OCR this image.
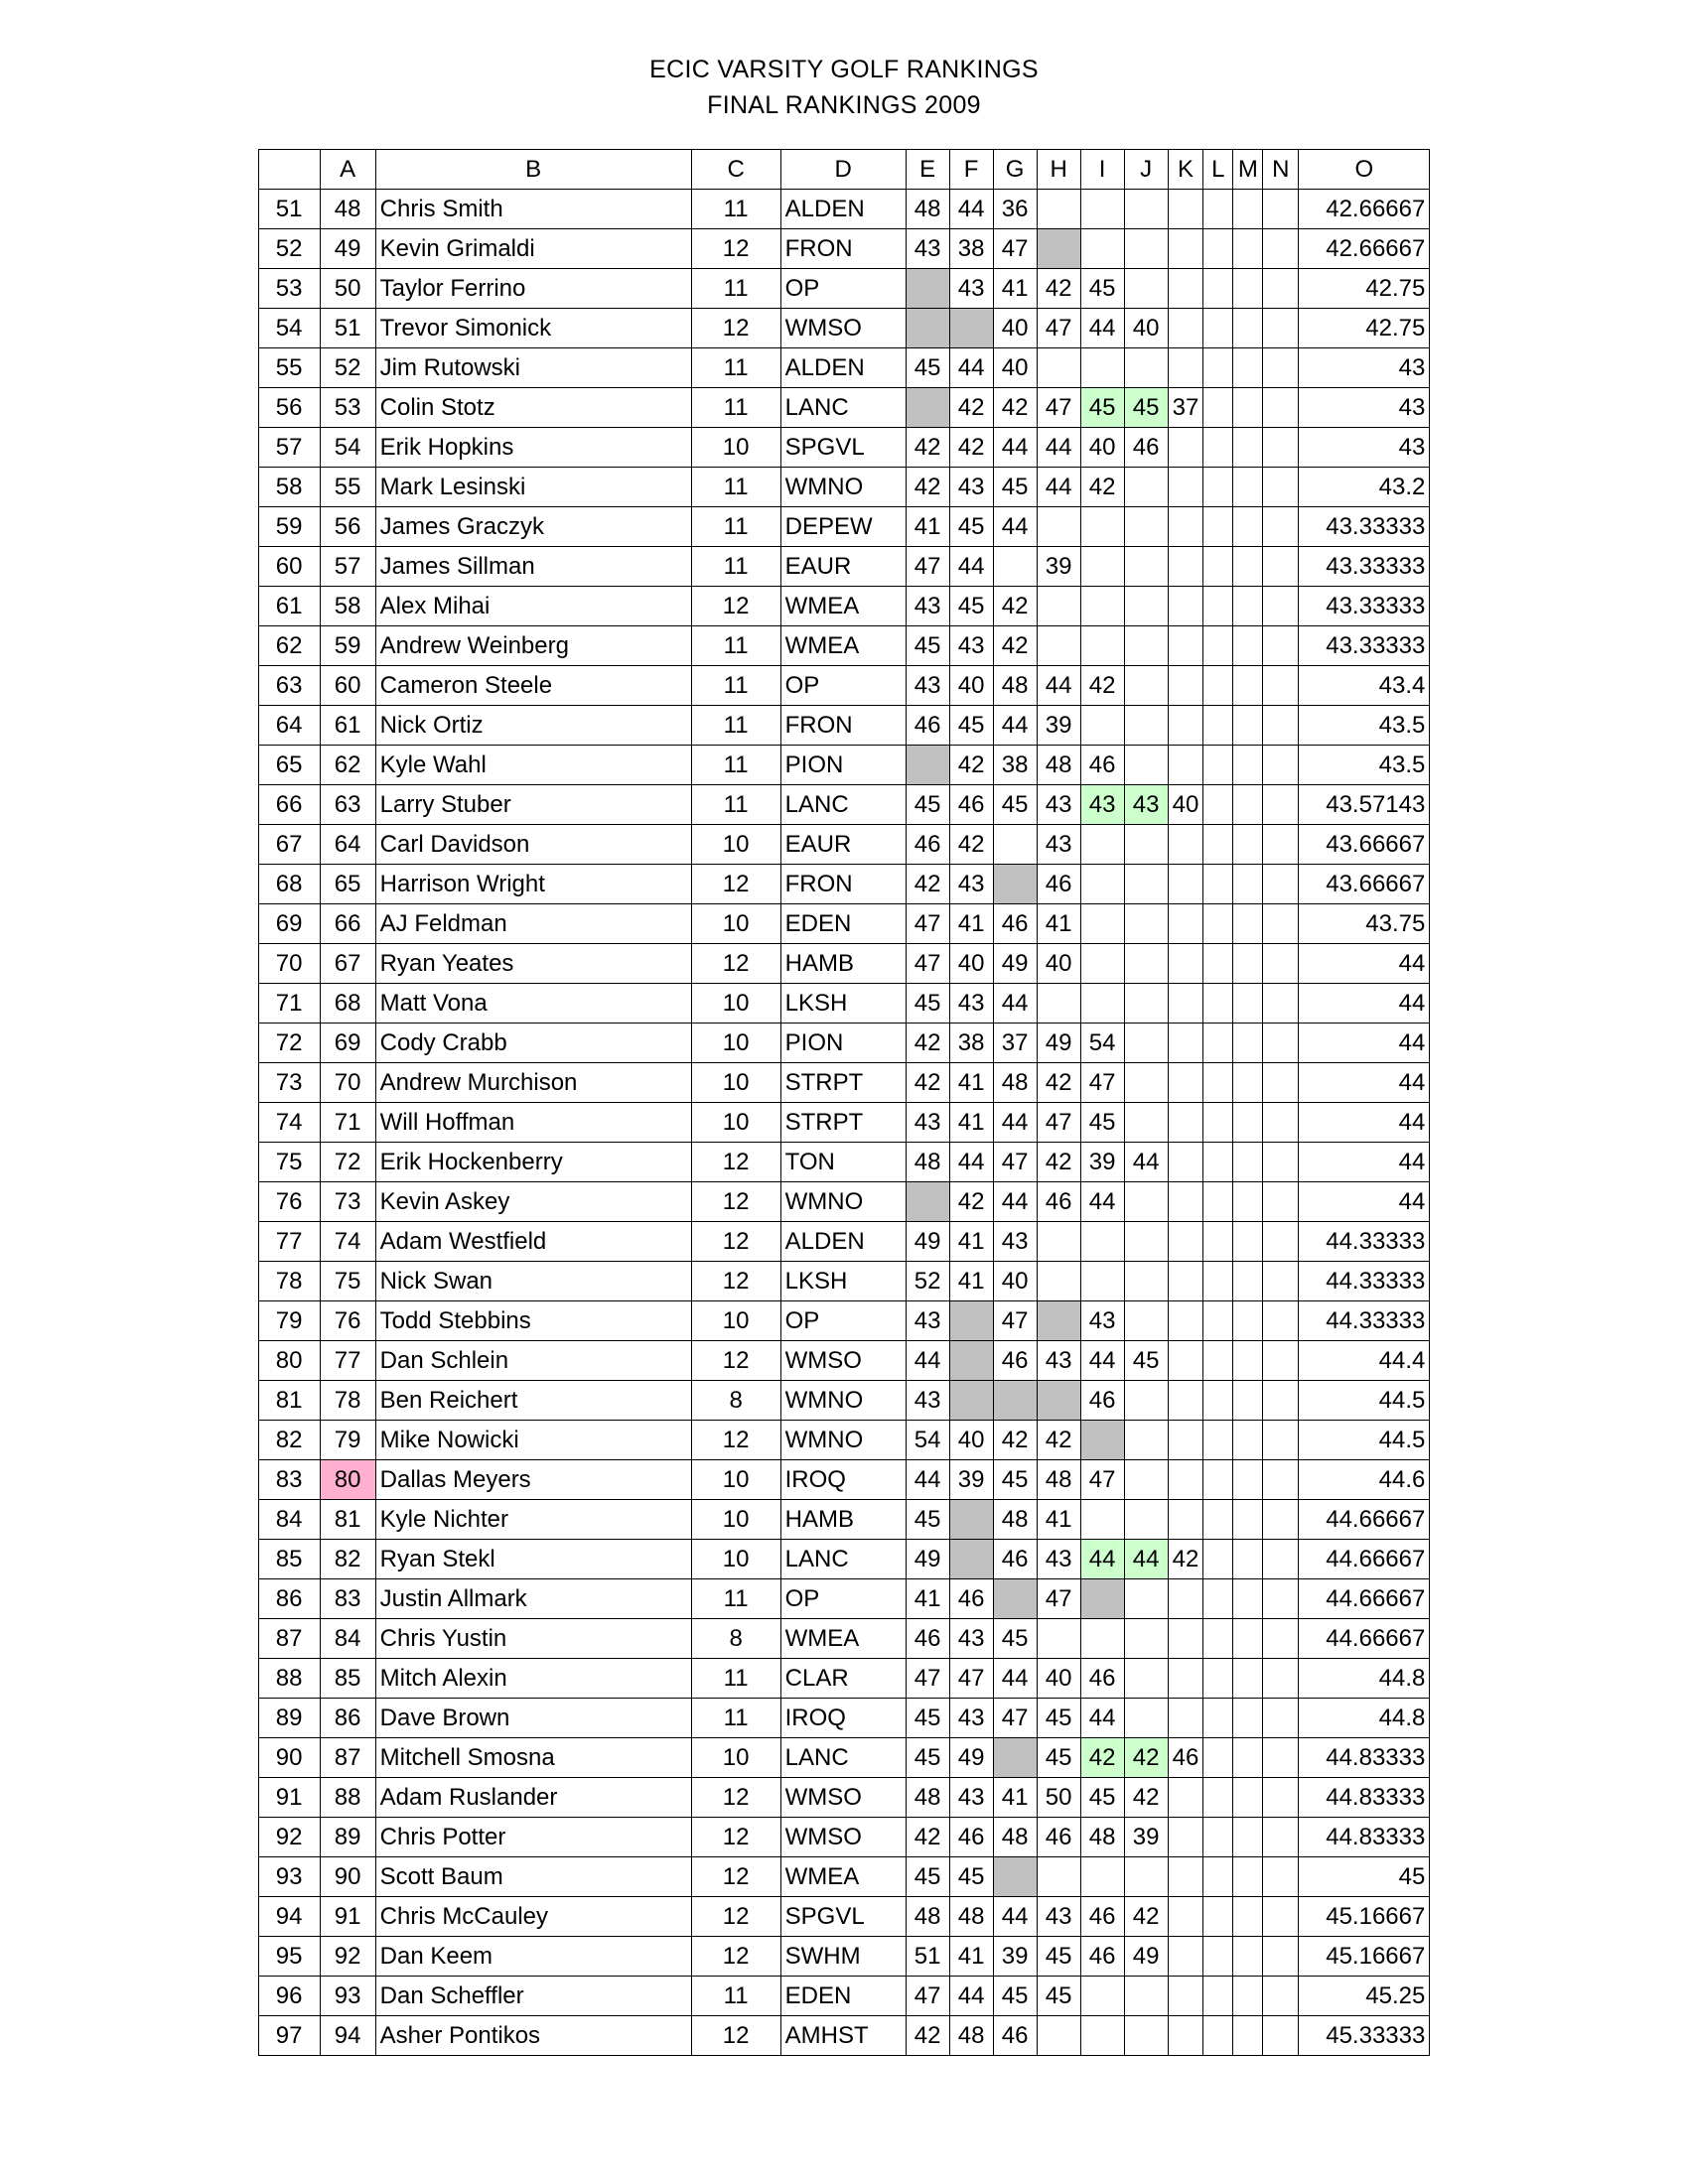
ECIC VARSITY GOLF RANKINGS
FINAL RANKINGS 2009
	A	B	C	D	E	F	G	H	I	J	K	L	M	N	O
51	48	Chris Smith	11	ALDEN	48	44	36								42.66667
52	49	Kevin Grimaldi	12	FRON	43	38	47								42.66667
53	50	Taylor Ferrino	11	OP		43	41	42	45						42.75
54	51	Trevor Simonick	12	WMSO			40	47	44	40					42.75
55	52	Jim Rutowski	11	ALDEN	45	44	40								43
56	53	Colin Stotz	11	LANC		42	42	47	45	45	37				43
57	54	Erik Hopkins	10	SPGVL	42	42	44	44	40	46					43
58	55	Mark Lesinski	11	WMNO	42	43	45	44	42						43.2
59	56	James Graczyk	11	DEPEW	41	45	44								43.33333
60	57	James Sillman	11	EAUR	47	44		39							43.33333
61	58	Alex Mihai	12	WMEA	43	45	42								43.33333
62	59	Andrew Weinberg	11	WMEA	45	43	42								43.33333
63	60	Cameron Steele	11	OP	43	40	48	44	42						43.4
64	61	Nick Ortiz	11	FRON	46	45	44	39							43.5
65	62	Kyle Wahl	11	PION		42	38	48	46						43.5
66	63	Larry Stuber	11	LANC	45	46	45	43	43	43	40				43.57143
67	64	Carl Davidson	10	EAUR	46	42		43							43.66667
68	65	Harrison Wright	12	FRON	42	43		46							43.66667
69	66	AJ Feldman	10	EDEN	47	41	46	41							43.75
70	67	Ryan Yeates	12	HAMB	47	40	49	40							44
71	68	Matt Vona	10	LKSH	45	43	44								44
72	69	Cody Crabb	10	PION	42	38	37	49	54						44
73	70	Andrew Murchison	10	STRPT	42	41	48	42	47						44
74	71	Will Hoffman	10	STRPT	43	41	44	47	45						44
75	72	Erik Hockenberry	12	TON	48	44	47	42	39	44					44
76	73	Kevin Askey	12	WMNO		42	44	46	44						44
77	74	Adam Westfield	12	ALDEN	49	41	43								44.33333
78	75	Nick Swan	12	LKSH	52	41	40								44.33333
79	76	Todd Stebbins	10	OP	43		47		43						44.33333
80	77	Dan Schlein	12	WMSO	44		46	43	44	45					44.4
81	78	Ben Reichert	8	WMNO	43				46						44.5
82	79	Mike Nowicki	12	WMNO	54	40	42	42							44.5
83	80	Dallas Meyers	10	IROQ	44	39	45	48	47						44.6
84	81	Kyle Nichter	10	HAMB	45		48	41							44.66667
85	82	Ryan Stekl	10	LANC	49		46	43	44	44	42				44.66667
86	83	Justin Allmark	11	OP	41	46		47							44.66667
87	84	Chris Yustin	8	WMEA	46	43	45								44.66667
88	85	Mitch Alexin	11	CLAR	47	47	44	40	46						44.8
89	86	Dave Brown	11	IROQ	45	43	47	45	44						44.8
90	87	Mitchell Smosna	10	LANC	45	49		45	42	42	46				44.83333
91	88	Adam Ruslander	12	WMSO	48	43	41	50	45	42					44.83333
92	89	Chris Potter	12	WMSO	42	46	48	46	48	39					44.83333
93	90	Scott Baum	12	WMEA	45	45									45
94	91	Chris McCauley	12	SPGVL	48	48	44	43	46	42					45.16667
95	92	Dan Keem	12	SWHM	51	41	39	45	46	49					45.16667
96	93	Dan Scheffler	11	EDEN	47	44	45	45							45.25
97	94	Asher Pontikos	12	AMHST	42	48	46								45.33333
